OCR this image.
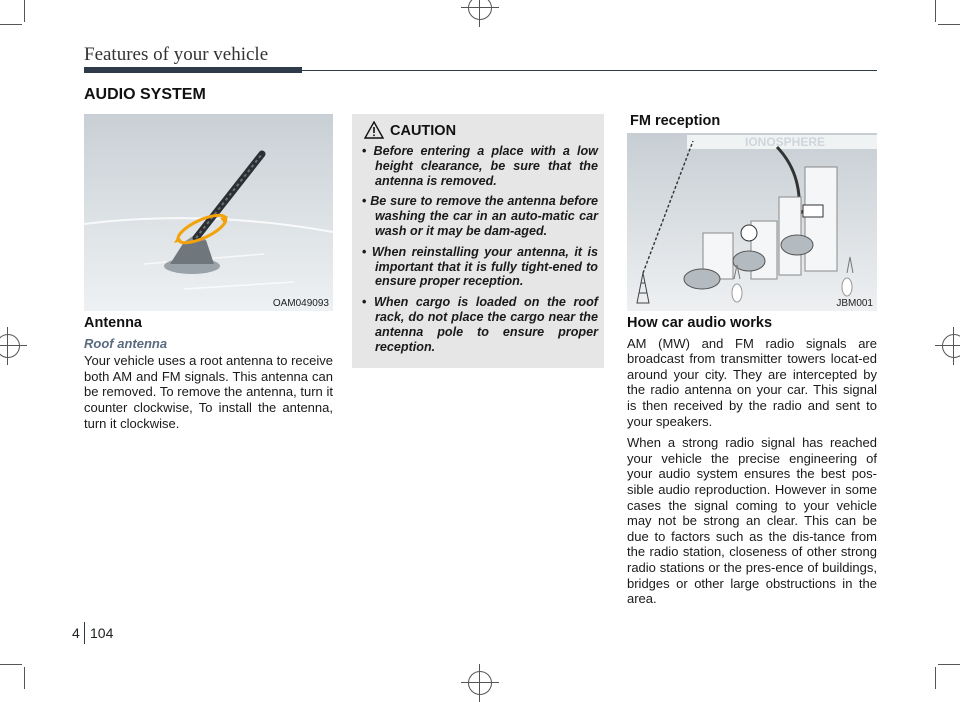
Features of your vehicle
AUDIO SYSTEM
OAM049093
Antenna
Roof antenna
Your vehicle uses a root antenna to receive both AM and FM signals. This antenna can be removed. To remove the antenna, turn it counter clockwise, To install the antenna, turn it clockwise.
CAUTION
• Before entering a place with a low height clearance, be sure that the antenna is removed.
• Be sure to remove the antenna before washing the car in an auto-matic car wash or it may be dam-aged.
• When reinstalling your antenna, it is important that it is fully tight-ened to ensure proper reception.
• When cargo is loaded on the roof rack, do not place the cargo near the antenna pole to ensure proper reception.
FM reception
IONOSPHERE
JBM001
How car audio works
AM (MW) and FM radio signals are broadcast from transmitter towers locat-ed around your city. They are intercepted by the radio antenna on your car. This signal is then received by the radio and sent to your speakers.
When a strong radio signal has reached your vehicle the precise engineering of your audio system ensures the best pos-sible audio reproduction. However in some cases the signal coming to your vehicle may not be strong an clear. This can be due to factors such as the dis-tance from the radio station, closeness of other strong radio stations or the pres-ence of buildings, bridges or other large obstructions in the area.
4 104
